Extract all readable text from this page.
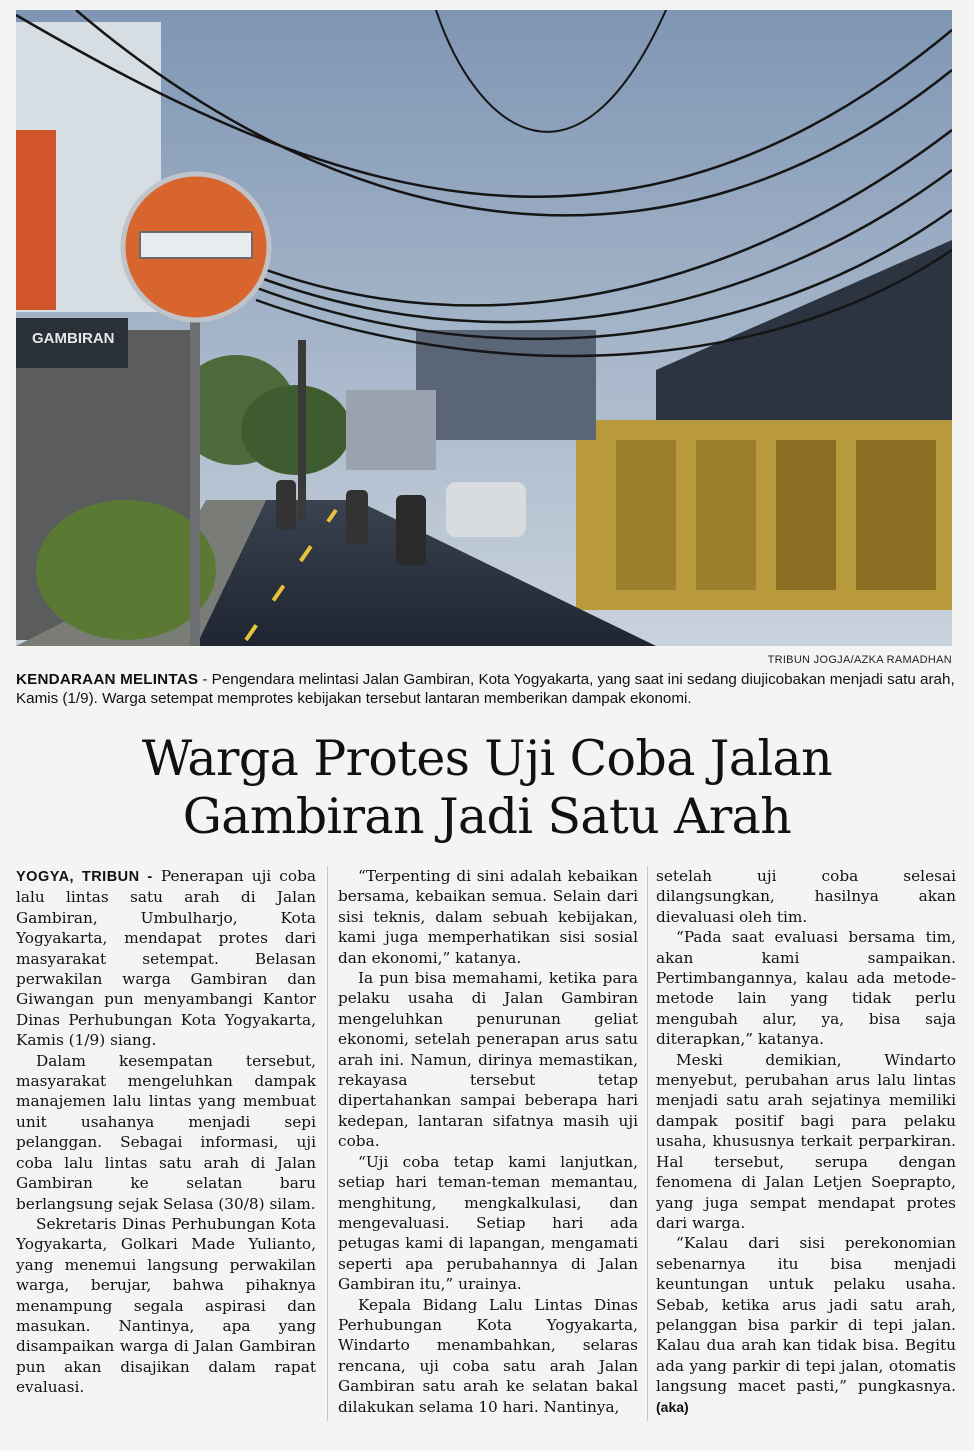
GAMBIRAN
TRIBUN JOGJA/AZKA RAMADHAN
KENDARAAN MELINTAS - Pengendara melintasi Jalan Gambiran, Kota Yogyakarta, yang saat ini sedang diujicobakan menjadi satu arah, Kamis (1/9). Warga setempat memprotes kebijakan tersebut lantaran memberikan dampak ekonomi.
Warga Protes Uji Coba Jalan
Gambiran Jadi Satu Arah

YOGYA, TRIBUN - Penerapan uji coba lalu lintas satu arah di Jalan Gambiran, Umbulharjo, Kota Yogyakarta, mendapat protes dari masyarakat setempat. Belasan perwakilan warga Gambiran dan Giwangan pun menyambangi Kantor Dinas Perhubungan Kota Yogyakarta, Kamis (1/9) siang.

Dalam kesempatan tersebut, masyarakat mengeluhkan dampak manajemen lalu lintas yang membuat unit usahanya menjadi sepi pelanggan. Sebagai informasi, uji coba lalu lintas satu arah di Jalan Gambiran ke selatan baru berlangsung sejak Selasa (30/8) silam.

Sekretaris Dinas Perhubungan Kota Yogyakarta, Golkari Made Yulianto, yang menemui langsung perwakilan warga, berujar, bahwa pihaknya menampung segala aspirasi dan masukan. Nantinya, apa yang disampaikan warga di Jalan Gambiran pun akan disajikan dalam rapat evaluasi.

“Terpenting di sini adalah kebaikan bersama, kebaikan semua. Selain dari sisi teknis, dalam sebuah kebijakan, kami juga memperhatikan sisi sosial dan ekonomi,” katanya.

Ia pun bisa memahami, ketika para pelaku usaha di Jalan Gambiran mengeluhkan penurunan geliat ekonomi, setelah penerapan arus satu arah ini. Namun, dirinya memastikan, rekayasa tersebut tetap dipertahankan sampai beberapa hari kedepan, lantaran sifatnya masih uji coba.

“Uji coba tetap kami lanjutkan, setiap hari teman-teman memantau, menghitung, mengkalkulasi, dan mengevaluasi. Setiap hari ada petugas kami di lapangan, mengamati seperti apa perubahannya di Jalan Gambiran itu,” urainya.

Kepala Bidang Lalu Lintas Dinas Perhubungan Kota Yogyakarta, Windarto menambahkan, selaras rencana, uji coba satu arah Jalan Gambiran satu arah ke selatan bakal dilakukan selama 10 hari. Nantinya,

setelah uji coba selesai dilangsungkan, hasilnya akan dievaluasi oleh tim.

“Pada saat evaluasi bersama tim, akan kami sampaikan. Pertimbangannya, kalau ada metode-metode lain yang tidak perlu mengubah alur, ya, bisa saja diterapkan,” katanya.

Meski demikian, Windarto menyebut, perubahan arus lalu lintas menjadi satu arah sejatinya memiliki dampak positif bagi para pelaku usaha, khususnya terkait perparkiran. Hal tersebut, serupa dengan fenomena di Jalan Letjen Soeprapto, yang juga sempat mendapat protes dari warga.

“Kalau dari sisi perekonomian sebenarnya itu bisa menjadi keuntungan untuk pelaku usaha. Sebab, ketika arus jadi satu arah, pelanggan bisa parkir di tepi jalan. Kalau dua arah kan tidak bisa. Begitu ada yang parkir di tepi jalan, otomatis langsung macet pasti,” pungkasnya. (aka)
